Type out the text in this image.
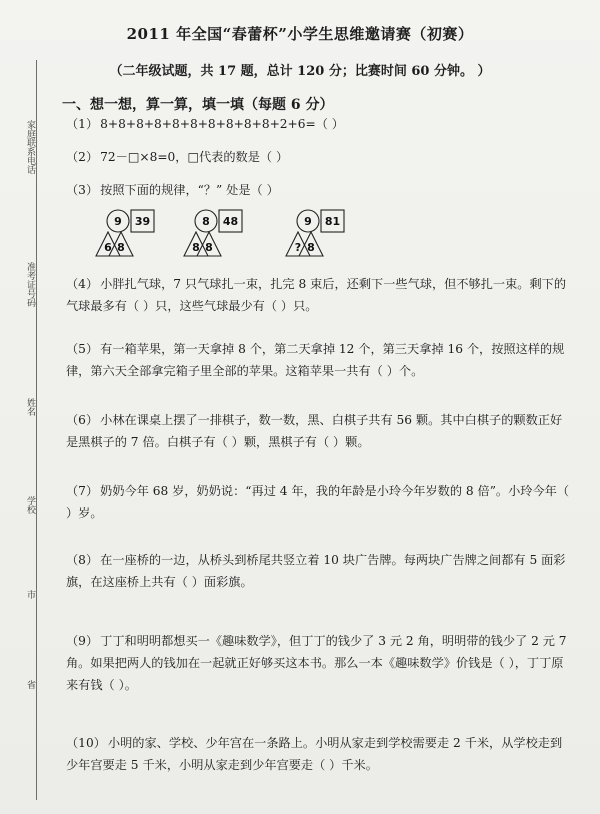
家庭联系电话
准考证号码
姓名
学校
市
省
2011 年全国“春蕾杯”小学生思维邀请赛（初赛）
（二年级试题，共 17 题，总计 120 分；比赛时间 60 分钟。 ）
一、想一想，算一算，填一填（每题 6 分）
（1） 8+8+8+8+8+8+8+8+8+8+2+6=（ ）
（2） 72－□×8=0，□代表的数是（ ）
（3） 按照下面的规律，“？” 处是（ ）
9 39
6 8
8 48
8 8
9 81
? 8
（4） 小胖扎气球，7 只气球扎一束，扎完 8 束后，还剩下一些气球，但不够扎一束。剩下的气球最多有（ ）只，这些气球最少有（ ）只。
（5） 有一箱苹果，第一天拿掉 8 个，第二天拿掉 12 个，第三天拿掉 16 个，按照这样的规律，第六天全部拿完箱子里全部的苹果。这箱苹果一共有（ ）个。
（6） 小林在课桌上摆了一排棋子，数一数，黑、白棋子共有 56 颗。其中白棋子的颗数正好是黑棋子的 7 倍。白棋子有（ ）颗，黑棋子有（ ）颗。
（7） 奶奶今年 68 岁，奶奶说：“再过 4 年，我的年龄是小玲今年岁数的 8 倍”。小玲今年（ ）岁。
（8） 在一座桥的一边，从桥头到桥尾共竖立着 10 块广告牌。每两块广告牌之间都有 5 面彩旗，在这座桥上共有（ ）面彩旗。
（9） 丁丁和明明都想买一《趣味数学》，但丁丁的钱少了 3 元 2 角，明明带的钱少了 2 元 7 角。如果把两人的钱加在一起就正好够买这本书。那么一本《趣味数学》价钱是（ ），丁丁原来有钱（ ）。
（10） 小明的家、学校、少年宫在一条路上。小明从家走到学校需要走 2 千米，从学校走到少年宫要走 5 千米，小明从家走到少年宫要走（ ）千米。
